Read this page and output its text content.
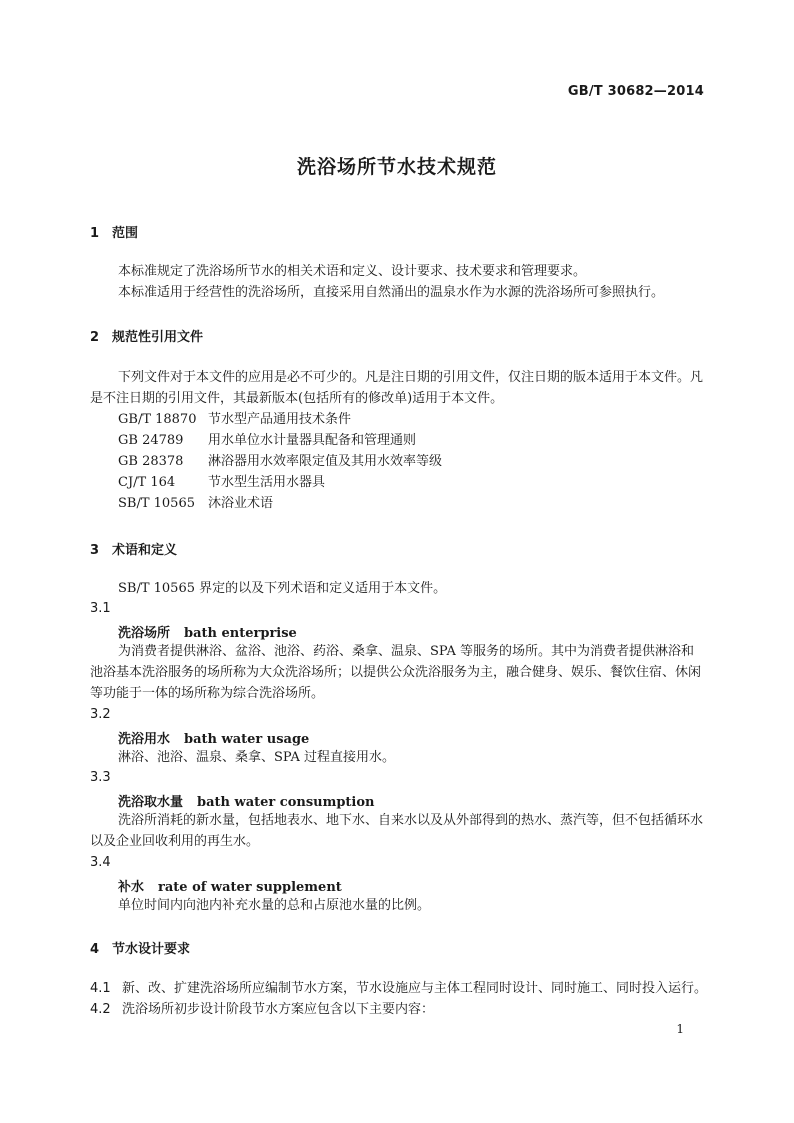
GB/T 30682—2014
洗浴场所节水技术规范
1 范围
本标准规定了洗浴场所节水的相关术语和定义、设计要求、技术要求和管理要求。
本标准适用于经营性的洗浴场所，直接采用自然涌出的温泉水作为水源的洗浴场所可参照执行。
2 规范性引用文件
下列文件对于本文件的应用是必不可少的。凡是注日期的引用文件，仅注日期的版本适用于本文件。凡是不注日期的引用文件，其最新版本(包括所有的修改单)适用于本文件。
GB/T 18870 节水型产品通用技术条件
GB 24789 用水单位水计量器具配备和管理通则
GB 28378 淋浴器用水效率限定值及其用水效率等级
CJ/T 164	节水型生活用水器具
SB/T 10565 沐浴业术语
3 术语和定义
SB/T 10565 界定的以及下列术语和定义适用于本文件。
3.1
洗浴场所 bath enterprise
为消费者提供淋浴、盆浴、池浴、药浴、桑拿、温泉、SPA 等服务的场所。其中为消费者提供淋浴和池浴基本洗浴服务的场所称为大众洗浴场所；以提供公众洗浴服务为主，融合健身、娱乐、餐饮住宿、休闲等功能于一体的场所称为综合洗浴场所。
3.2
洗浴用水 bath water usage
淋浴、池浴、温泉、桑拿、SPA 过程直接用水。
3.3
洗浴取水量 bath water consumption
洗浴所消耗的新水量，包括地表水、地下水、自来水以及从外部得到的热水、蒸汽等，但不包括循环水以及企业回收利用的再生水。
3.4
补水 rate of water supplement
单位时间内向池内补充水量的总和占原池水量的比例。
4 节水设计要求
4.1 新、改、扩建洗浴场所应编制节水方案，节水设施应与主体工程同时设计、同时施工、同时投入运行。
4.2 洗浴场所初步设计阶段节水方案应包含以下主要内容：
1
